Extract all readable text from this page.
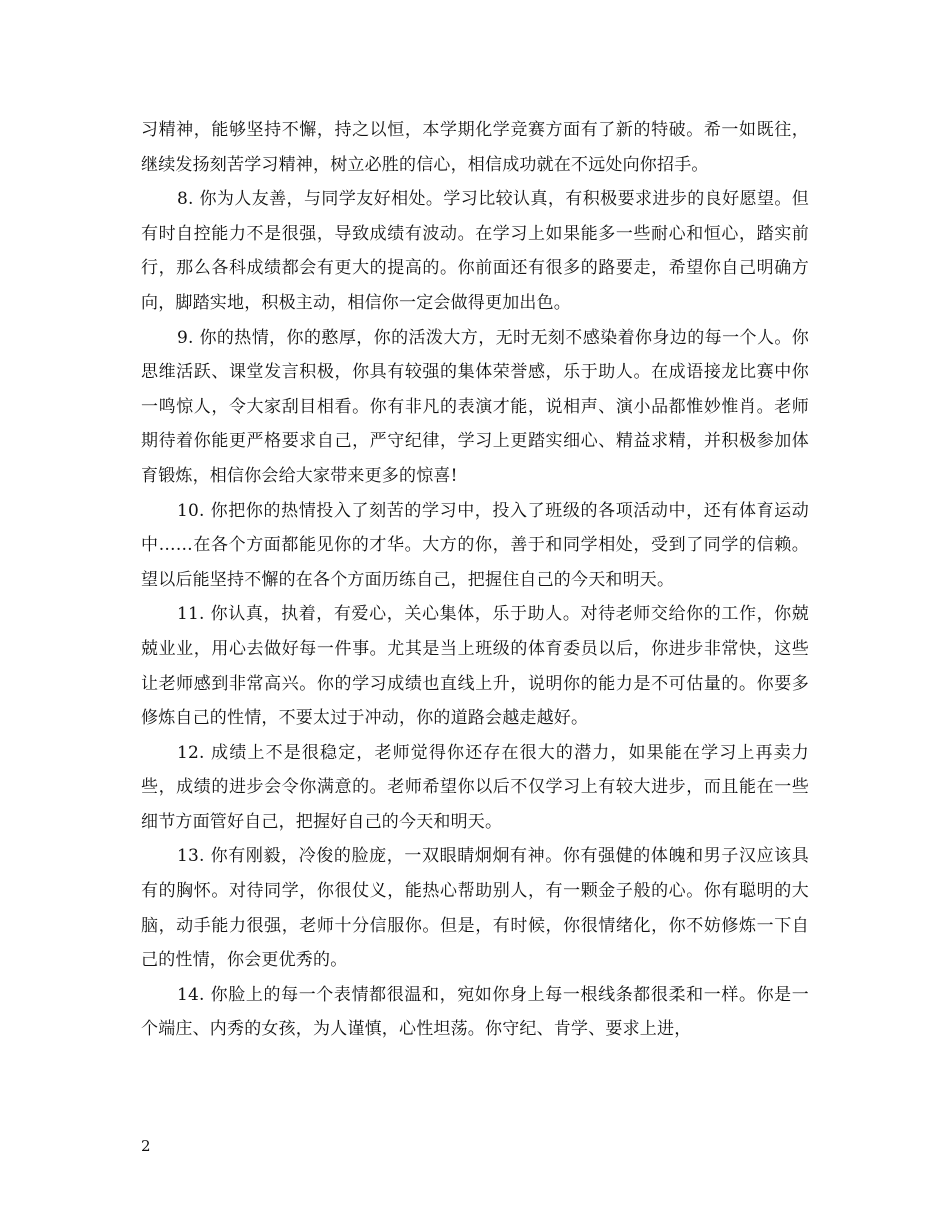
习精神，能够坚持不懈，持之以恒，本学期化学竞赛方面有了新的特破。希一如既往，继续发扬刻苦学习精神，树立必胜的信心，相信成功就在不远处向你招手。

8. 你为人友善，与同学友好相处。学习比较认真，有积极要求进步的良好愿望。但有时自控能力不是很强，导致成绩有波动。在学习上如果能多一些耐心和恒心，踏实前行，那么各科成绩都会有更大的提高的。你前面还有很多的路要走，希望你自己明确方向，脚踏实地，积极主动，相信你一定会做得更加出色。

9. 你的热情，你的憨厚，你的活泼大方，无时无刻不感染着你身边的每一个人。你思维活跃、课堂发言积极，你具有较强的集体荣誉感，乐于助人。在成语接龙比赛中你一鸣惊人，令大家刮目相看。你有非凡的表演才能，说相声、演小品都惟妙惟肖。老师期待着你能更严格要求自己，严守纪律，学习上更踏实细心、精益求精，并积极参加体育锻炼，相信你会给大家带来更多的惊喜!

10. 你把你的热情投入了刻苦的学习中，投入了班级的各项活动中，还有体育运动中……在各个方面都能见你的才华。大方的你，善于和同学相处，受到了同学的信赖。望以后能坚持不懈的在各个方面历练自己，把握住自己的今天和明天。

11. 你认真，执着，有爱心，关心集体，乐于助人。对待老师交给你的工作，你兢兢业业，用心去做好每一件事。尤其是当上班级的体育委员以后，你进步非常快，这些让老师感到非常高兴。你的学习成绩也直线上升，说明你的能力是不可估量的。你要多修炼自己的性情，不要太过于冲动，你的道路会越走越好。

12. 成绩上不是很稳定，老师觉得你还存在很大的潜力，如果能在学习上再卖力些，成绩的进步会令你满意的。老师希望你以后不仅学习上有较大进步，而且能在一些细节方面管好自己，把握好自己的今天和明天。

13. 你有刚毅，冷俊的脸庞，一双眼睛炯炯有神。你有强健的体魄和男子汉应该具有的胸怀。对待同学，你很仗义，能热心帮助别人，有一颗金子般的心。你有聪明的大脑，动手能力很强，老师十分信服你。但是，有时候，你很情绪化，你不妨修炼一下自己的性情，你会更优秀的。

14. 你脸上的每一个表情都很温和，宛如你身上每一根线条都很柔和一样。你是一个端庄、内秀的女孩，为人谨慎，心性坦荡。你守纪、肯学、要求上进，

2
